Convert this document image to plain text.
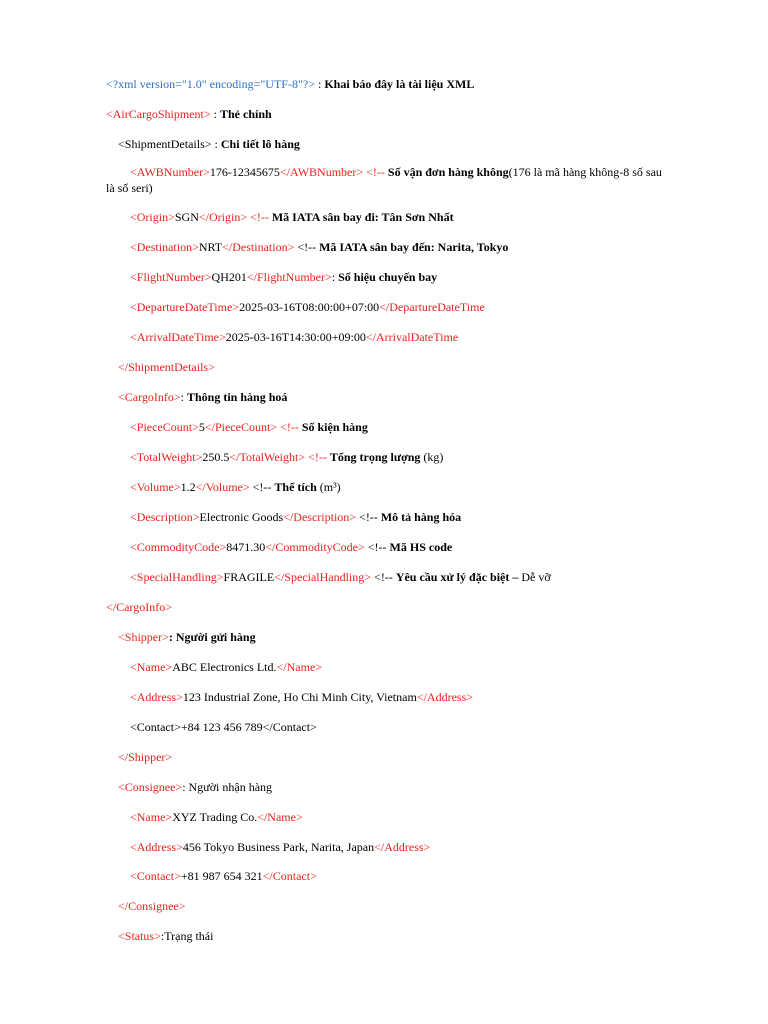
<?xml version="1.0" encoding="UTF-8"?> : Khai báo đây là tài liệu XML
<AirCargoShipment> : Thẻ chính
<ShipmentDetails> : Chi tiết lô hàng
<AWBNumber>176-12345675</AWBNumber> <!-- Số vận đơn hàng không(176 là mã hàng không-8 số sau
là số seri)
<Origin>SGN</Origin> <!-- Mã IATA sân bay đi: Tân Sơn Nhất
<Destination>NRT</Destination> <!-- Mã IATA sân bay đến: Narita, Tokyo
<FlightNumber>QH201</FlightNumber>: Số hiệu chuyến bay
<DepartureDateTime>2025-03-16T08:00:00+07:00</DepartureDateTime
<ArrivalDateTime>2025-03-16T14:30:00+09:00</ArrivalDateTime
</ShipmentDetails>
<CargoInfo>: Thông tin hàng hoá
<PieceCount>5</PieceCount> <!-- Số kiện hàng
<TotalWeight>250.5</TotalWeight> <!-- Tổng trọng lượng (kg)
<Volume>1.2</Volume> <!-- Thể tích (m³)
<Description>Electronic Goods</Description> <!-- Mô tả hàng hóa
<CommodityCode>8471.30</CommodityCode> <!-- Mã HS code
<SpecialHandling>FRAGILE</SpecialHandling> <!-- Yêu cầu xử lý đặc biệt – Dễ vỡ
</CargoInfo>
<Shipper>: Người gửi hàng
<Name>ABC Electronics Ltd.</Name>
<Address>123 Industrial Zone, Ho Chi Minh City, Vietnam</Address>
<Contact>+84 123 456 789</Contact>
</Shipper>
<Consignee>: Người nhận hàng
<Name>XYZ Trading Co.</Name>
<Address>456 Tokyo Business Park, Narita, Japan</Address>
<Contact>+81 987 654 321</Contact>
</Consignee>
<Status>:Trạng thái
